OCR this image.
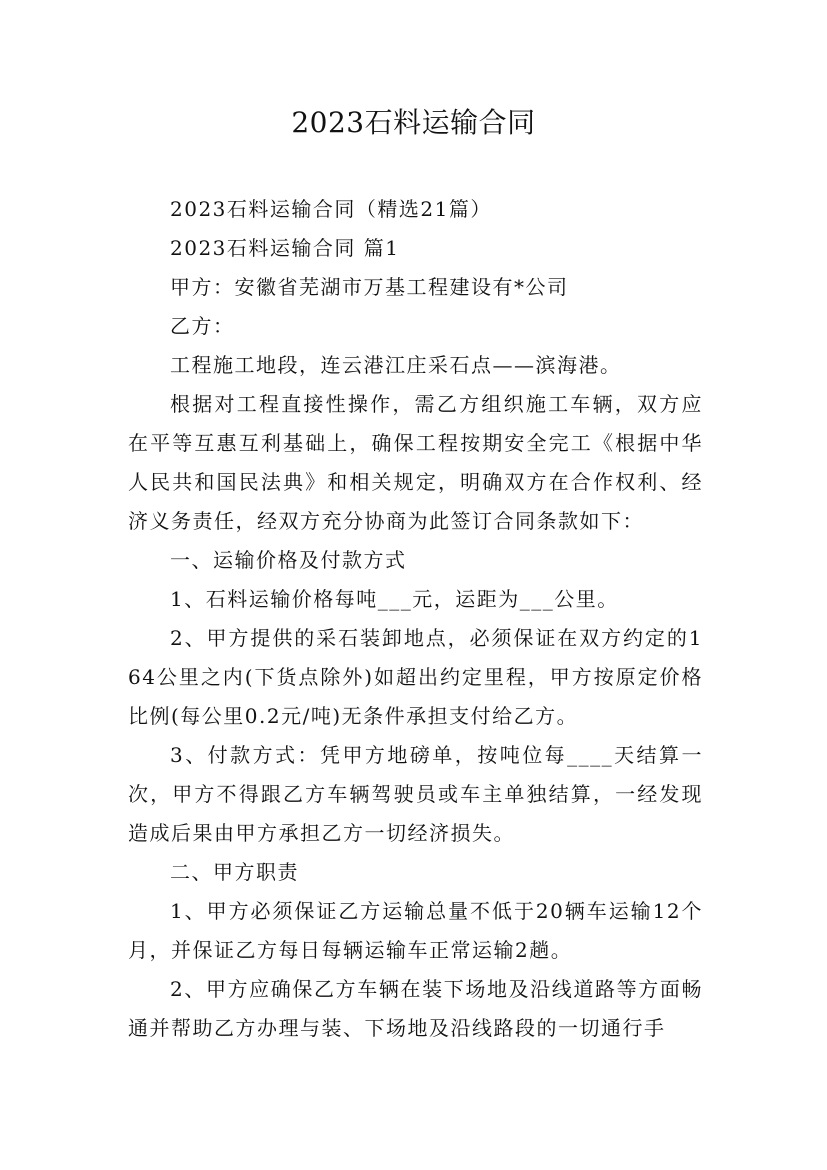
2023石料运输合同

2023石料运输合同（精选21篇）

2023石料运输合同 篇1

甲方：安徽省芜湖市万基工程建设有*公司

乙方：

工程施工地段，连云港江庄采石点——滨海港。

根据对工程直接性操作，需乙方组织施工车辆，双方应在平等互惠互利基础上，确保工程按期安全完工《根据中华人民共和国民法典》和相关规定，明确双方在合作权利、经济义务责任，经双方充分协商为此签订合同条款如下：

一、运输价格及付款方式

1、石料运输价格每吨___元，运距为___公里。

2、甲方提供的采石装卸地点，必须保证在双方约定的164公里之内(下货点除外)如超出约定里程，甲方按原定价格比例(每公里0.2元/吨)无条件承担支付给乙方。

3、付款方式：凭甲方地磅单，按吨位每____天结算一次，甲方不得跟乙方车辆驾驶员或车主单独结算，一经发现造成后果由甲方承担乙方一切经济损失。

二、甲方职责

1、甲方必须保证乙方运输总量不低于20辆车运输12个月，并保证乙方每日每辆运输车正常运输2趟。

2、甲方应确保乙方车辆在装下场地及沿线道路等方面畅通并帮助乙方办理与装、下场地及沿线路段的一切通行手
